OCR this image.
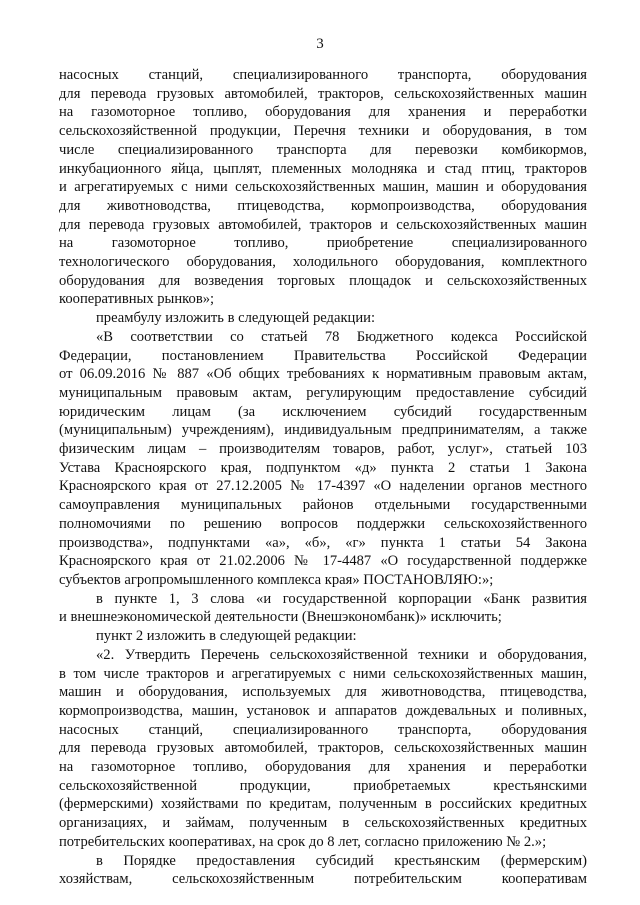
3
насосных станций, специализированного транспорта, оборудования
для перевода грузовых автомобилей, тракторов, сельскохозяйственных машин
на газомоторное топливо, оборудования для хранения и переработки
сельскохозяйственной продукции, Перечня техники и оборудования, в том
числе специализированного транспорта для перевозки комбикормов,
инкубационного яйца, цыплят, племенных молодняка и стад птиц, тракторов
и агрегатируемых с ними сельскохозяйственных машин, машин и оборудования
для животноводства, птицеводства, кормопроизводства, оборудования
для перевода грузовых автомобилей, тракторов и сельскохозяйственных машин
на газомоторное топливо, приобретение специализированного
технологического оборудования, холодильного оборудования, комплектного
оборудования для возведения торговых площадок и сельскохозяйственных
кооперативных рынков»;
преамбулу изложить в следующей редакции:
«В соответствии со статьей 78 Бюджетного кодекса Российской
Федерации, постановлением Правительства Российской Федерации
от 06.09.2016 № 887 «Об общих требованиях к нормативным правовым актам,
муниципальным правовым актам, регулирующим предоставление субсидий
юридическим лицам (за исключением субсидий государственным
(муниципальным) учреждениям), индивидуальным предпринимателям, а также
физическим лицам – производителям товаров, работ, услуг», статьей 103
Устава Красноярского края, подпунктом «д» пункта 2 статьи 1 Закона
Красноярского края от 27.12.2005 № 17-4397 «О наделении органов местного
самоуправления муниципальных районов отдельными государственными
полномочиями по решению вопросов поддержки сельскохозяйственного
производства», подпунктами «а», «б», «г» пункта 1 статьи 54 Закона
Красноярского края от 21.02.2006 № 17-4487 «О государственной поддержке
субъектов агропромышленного комплекса края» ПОСТАНОВЛЯЮ:»;
в пункте 1, 3 слова «и государственной корпорации «Банк развития
и внешнеэкономической деятельности (Внешэкономбанк)» исключить;
пункт 2 изложить в следующей редакции:
«2. Утвердить Перечень сельскохозяйственной техники и оборудования,
в том числе тракторов и агрегатируемых с ними сельскохозяйственных машин,
машин и оборудования, используемых для животноводства, птицеводства,
кормопроизводства, машин, установок и аппаратов дождевальных и поливных,
насосных станций, специализированного транспорта, оборудования
для перевода грузовых автомобилей, тракторов, сельскохозяйственных машин
на газомоторное топливо, оборудования для хранения и переработки
сельскохозяйственной продукции, приобретаемых крестьянскими
(фермерскими) хозяйствами по кредитам, полученным в российских кредитных
организациях, и займам, полученным в сельскохозяйственных кредитных
потребительских кооперативах, на срок до 8 лет, согласно приложению № 2.»;
в Порядке предоставления субсидий крестьянским (фермерским)
хозяйствам, сельскохозяйственным потребительским кооперативам
